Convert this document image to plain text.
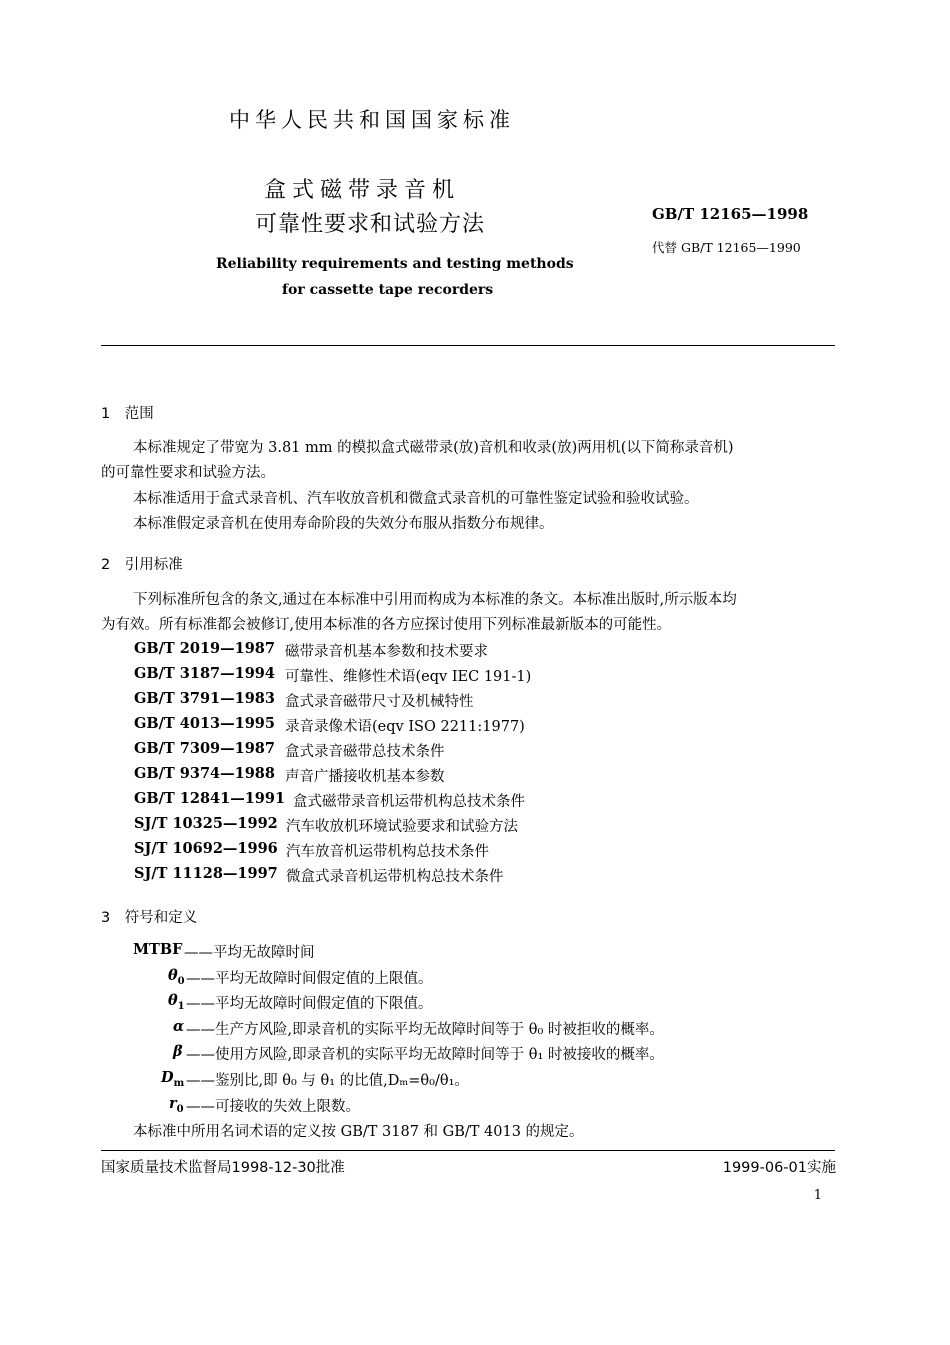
中华人民共和国国家标准
盒式磁带录音机
可靠性要求和试验方法	GB/T 12165—1998
代替 GB/T 12165—1990
Reliability requirements and testing methods
for cassette tape recorders
1　范围
本标准规定了带宽为 3.81 mm 的模拟盒式磁带录(放)音机和收录(放)两用机(以下简称录音机)
的可靠性要求和试验方法。
本标准适用于盒式录音机、汽车收放音机和微盒式录音机的可靠性鉴定试验和验收试验。
本标准假定录音机在使用寿命阶段的失效分布服从指数分布规律。
2　引用标准
下列标准所包含的条文,通过在本标准中引用而构成为本标准的条文。本标准出版时,所示版本均
为有效。所有标准都会被修订,使用本标准的各方应探讨使用下列标准最新版本的可能性。
GB/T 2019—1987 磁带录音机基本参数和技术要求
GB/T 3187—1994 可靠性、维修性术语(eqv IEC 191-1)
GB/T 3791—1983 盒式录音磁带尺寸及机械特性
GB/T 4013—1995 录音录像术语(eqv ISO 2211:1977)
GB/T 7309—1987 盒式录音磁带总技术条件
GB/T 9374—1988 声音广播接收机基本参数
GB/T 12841—1991 盒式磁带录音机运带机构总技术条件
SJ/T 10325—1992 汽车收放机环境试验要求和试验方法
SJ/T 10692—1996 汽车放音机运带机构总技术条件
SJ/T 11128—1997 微盒式录音机运带机构总技术条件
3　符号和定义
MTBF ——平均无故障时间
$\theta_0$ ——平均无故障时间假定值的上限值。
$\theta_1$ ——平均无故障时间假定值的下限值。
α ——生产方风险,即录音机的实际平均无故障时间等于 θ₀ 时被拒收的概率。
β ——使用方风险,即录音机的实际平均无故障时间等于 θ₁ 时被接收的概率。
$D_m$ ——鉴别比,即 θ₀ 与 θ₁ 的比值,Dₘ=θ₀/θ₁。
$r_0$ ——可接收的失效上限数。
本标准中所用名词术语的定义按 GB/T 3187 和 GB/T 4013 的规定。
国家质量技术监督局1998-12-30批准	1999-06-01实施
1
